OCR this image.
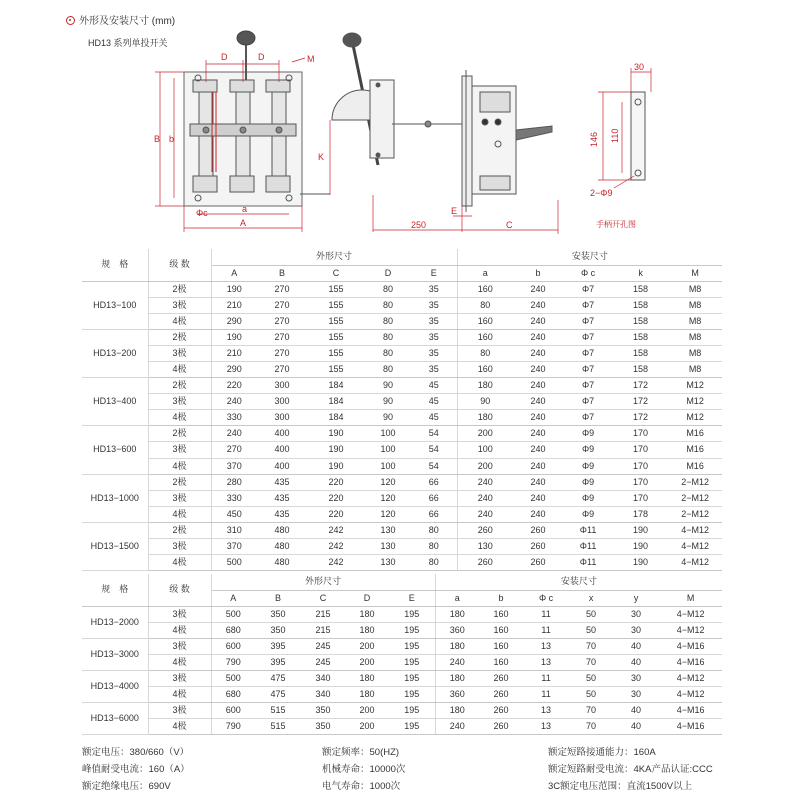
外形及安装尺寸 (mm)
HD13 系列单投开关
B b
D	D	M
Φc	a
A
K
250
E
C
30
146 110
2−Φ9
手柄开孔图
规　格	级 数	外形尺寸					安装尺寸				
		A	B	C	D	E	a	b	Φ c	k	M
HD13−100	2极	190	270	155	80	35	160	240	Φ7	158	M8
	3极	210	270	155	80	35	80	240	Φ7	158	M8
	4极	290	270	155	80	35	160	240	Φ7	158	M8
HD13−200	2极	190	270	155	80	35	160	240	Φ7	158	M8
	3极	210	270	155	80	35	80	240	Φ7	158	M8
	4极	290	270	155	80	35	160	240	Φ7	158	M8
HD13−400	2极	220	300	184	90	45	180	240	Φ7	172	M12
	3极	240	300	184	90	45	90	240	Φ7	172	M12
	4极	330	300	184	90	45	180	240	Φ7	172	M12
HD13−600	2极	240	400	190	100	54	200	240	Φ9	170	M16
	3极	270	400	190	100	54	100	240	Φ9	170	M16
	4极	370	400	190	100	54	200	240	Φ9	170	M16
HD13−1000	2极	280	435	220	120	66	240	240	Φ9	170	2−M12
	3极	330	435	220	120	66	240	240	Φ9	170	2−M12
	4极	450	435	220	120	66	240	240	Φ9	178	2−M12
HD13−1500	2极	310	480	242	130	80	260	260	Φ11	190	4−M12
	3极	370	480	242	130	80	130	260	Φ11	190	4−M12
	4极	500	480	242	130	80	260	260	Φ11	190	4−M12
规　格	级 数	外形尺寸					安装尺寸					
		A	B	C	D	E	a	b	Φ c	x	y	M
HD13−2000	3极	500	350	215	180	195	180	160	11	50	30	4−M12
	4极	680	350	215	180	195	360	160	11	50	30	4−M12
HD13−3000	3极	600	395	245	200	195	180	160	13	70	40	4−M16
	4极	790	395	245	200	195	240	160	13	70	40	4−M16
HD13−4000	3极	500	475	340	180	195	180	260	11	50	30	4−M12
	4极	680	475	340	180	195	360	260	11	50	30	4−M12
HD13−6000	3极	600	515	350	200	195	180	260	13	70	40	4−M16
	4极	790	515	350	200	195	240	260	13	70	40	4−M16
额定电压：380/660（V）
峰值耐受电流：160（A）
额定绝缘电压：690V
额定频率：50(HZ)
机械寿命：10000次
电气寿命：1000次
额定短路接通能力：160A
额定短路耐受电流：4KA产品认证:CCC
3C额定电压范围：直流1500V以上
